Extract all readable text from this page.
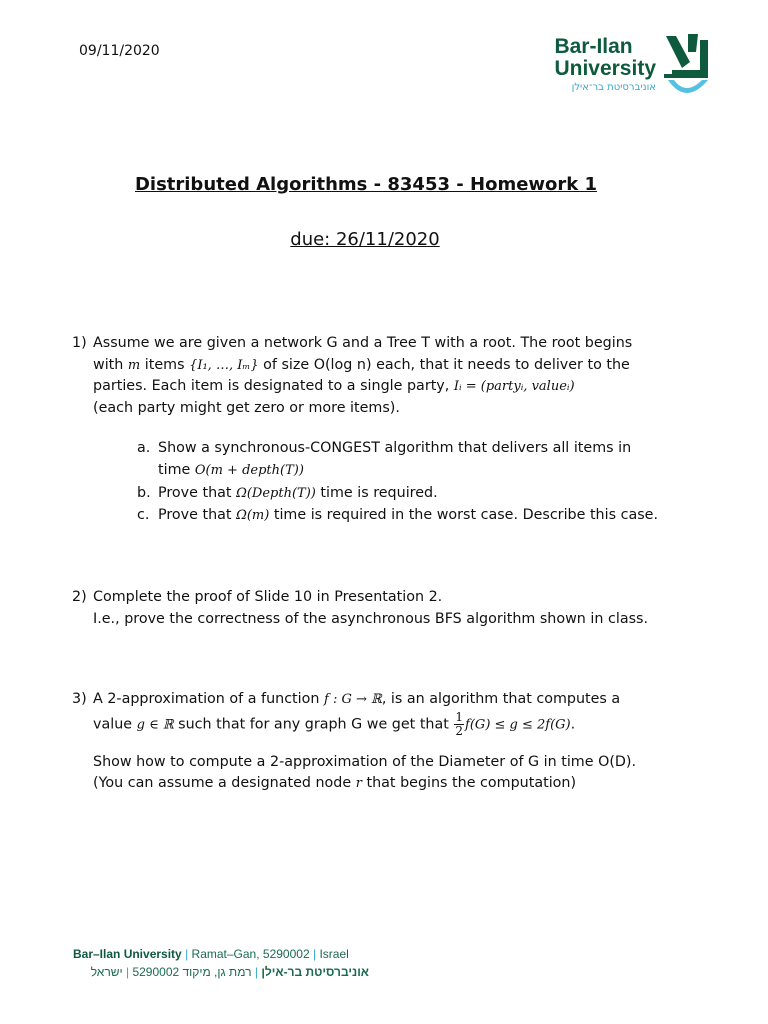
09/11/2020	Bar-Ilan
University
אוניברסיטת בר־אילן
Distributed Algorithms - 83453 - Homework 1
due: 26/11/2020
1) Assume we are given a network G and a Tree T with a root. The root begins
with m items {I₁, …, Iₘ} of size O(log n) each, that it needs to deliver to the
parties. Each item is designated to a single party, Iᵢ = (partyᵢ, valueᵢ)
(each party might get zero or more items).
a. Show a synchronous-CONGEST algorithm that delivers all items in
time O(m + depth(T))
b. Prove that Ω(Depth(T)) time is required.
c. Prove that Ω(m) time is required in the worst case. Describe this case.
2) Complete the proof of Slide 10 in Presentation 2.
I.e., prove the correctness of the asynchronous BFS algorithm shown in class.
3) A 2-approximation of a function f : G → ℝ, is an algorithm that computes a
value g ∈ ℝ such that for any graph G we get that $\frac{1}{2} f(G) \le g \le 2f(G)$.
Show how to compute a 2-approximation of the Diameter of G in time O(D).
(You can assume a designated node r that begins the computation)
Bar–Ilan University | Ramat–Gan, 5290002 | Israel
אוניברסיטת בר-אילן | רמת גן, מיקוד 5290002 | ישראל
